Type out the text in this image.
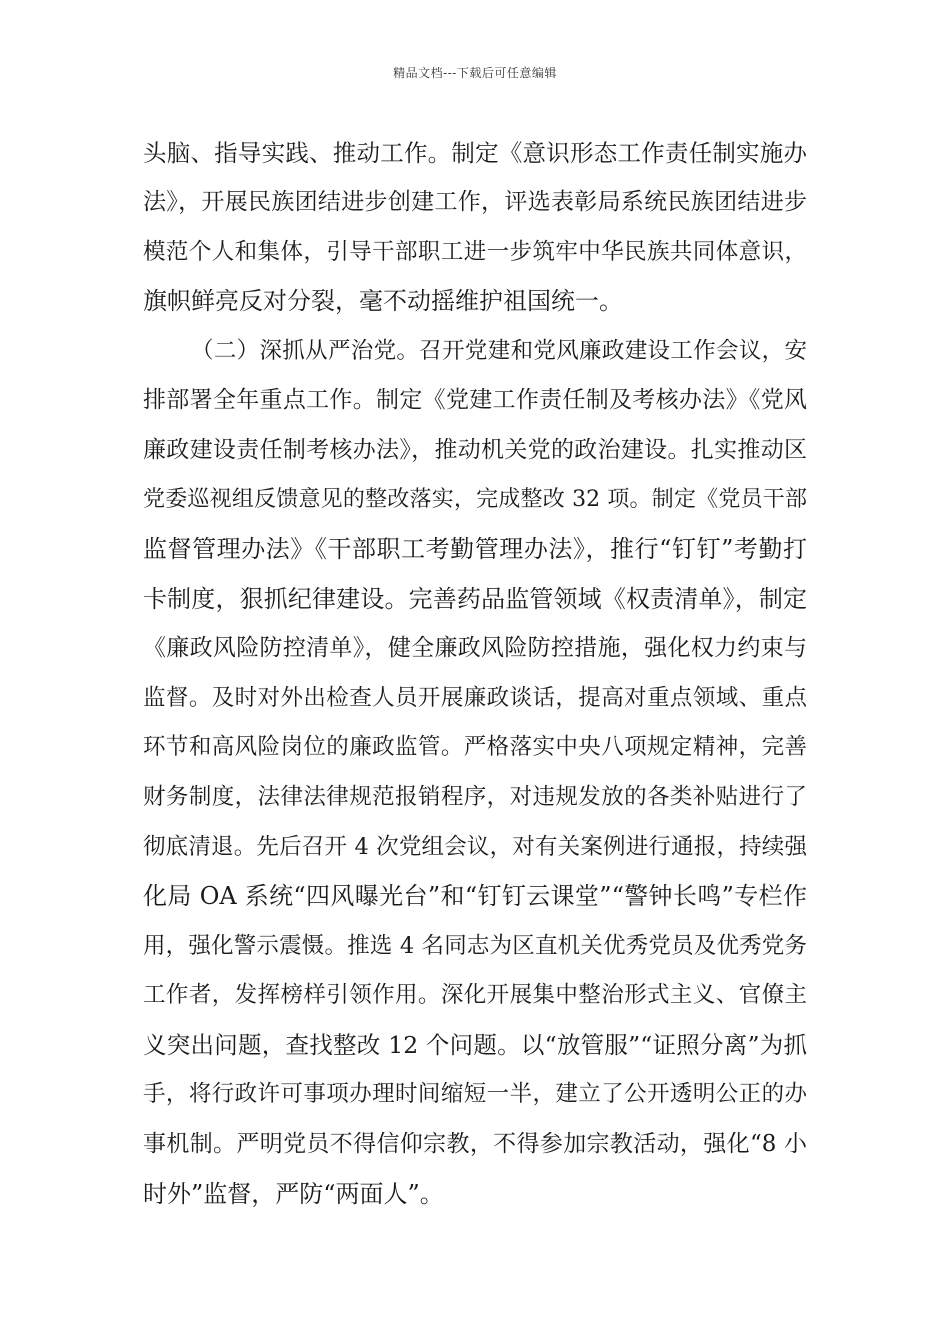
精品文档---下载后可任意编辑
头脑、指导实践、推动工作。制定《意识形态工作责任制实施办
法》，开展民族团结进步创建工作，评选表彰局系统民族团结进步
模范个人和集体，引导干部职工进一步筑牢中华民族共同体意识，
旗帜鲜亮反对分裂，毫不动摇维护祖国统一。
（二）深抓从严治党。召开党建和党风廉政建设工作会议，安
排部署全年重点工作。制定《党建工作责任制及考核办法》《党风
廉政建设责任制考核办法》，推动机关党的政治建设。扎实推动区
党委巡视组反馈意见的整改落实，完成整改 32 项。制定《党员干部
监督管理办法》《干部职工考勤管理办法》，推行“钉钉”考勤打
卡制度，狠抓纪律建设。完善药品监管领域《权责清单》，制定
《廉政风险防控清单》，健全廉政风险防控措施，强化权力约束与
监督。及时对外出检查人员开展廉政谈话，提高对重点领域、重点
环节和高风险岗位的廉政监管。严格落实中央八项规定精神，完善
财务制度，法律法律规范报销程序，对违规发放的各类补贴进行了
彻底清退。先后召开 4 次党组会议，对有关案例进行通报，持续强
化局 OA 系统“四风曝光台”和“钉钉云课堂”“警钟长鸣”专栏作
用，强化警示震慑。推选 4 名同志为区直机关优秀党员及优秀党务
工作者，发挥榜样引领作用。深化开展集中整治形式主义、官僚主
义突出问题，查找整改 12 个问题。以“放管服”“证照分离”为抓
手，将行政许可事项办理时间缩短一半，建立了公开透明公正的办
事机制。严明党员不得信仰宗教，不得参加宗教活动，强化“8 小
时外”监督，严防“两面人”。
